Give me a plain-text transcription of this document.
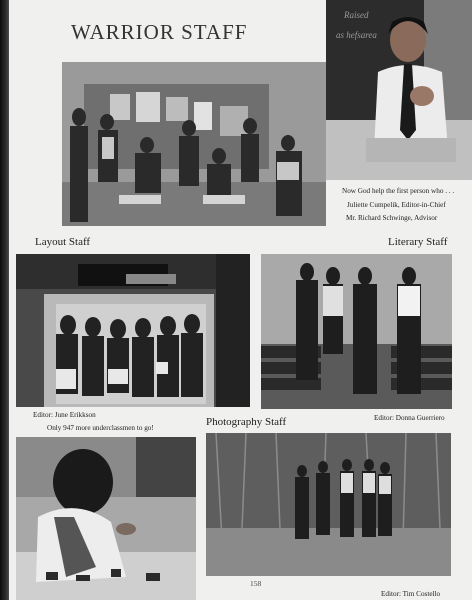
WARRIOR STAFF
Raised
as hefsarea
Now God help the first person who . . .
Juliette Cumpelik, Editor-in-Chief
Mr. Richard Schwinge, Advisor
Layout Staff	Literary Staff
Editor: June Erikkson
Only 947 more underclassmen to go!
Editor: Donna Guerriero
Photography Staff
158
Editor: Tim Costello
